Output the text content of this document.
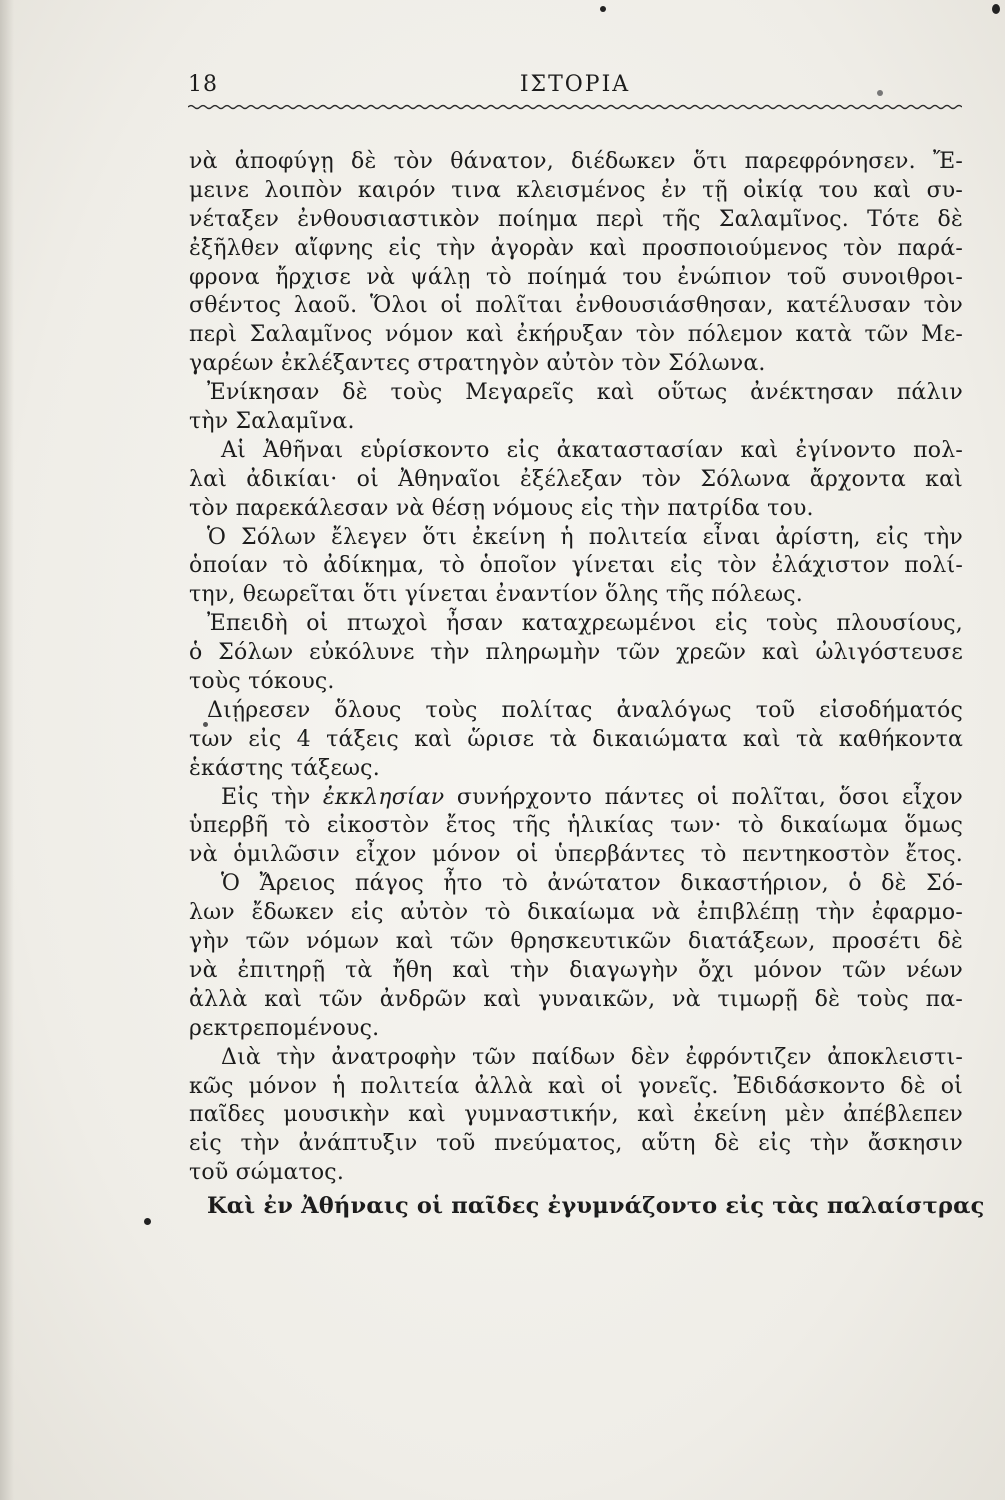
18	ΙΣΤΟΡΙΑ
νὰ ἀποφύγῃ δὲ τὸν θάνατον, διέδωκεν ὅτι παρεφρόνησεν. Ἔ-
μεινε λοιπὸν καιρόν τινα κλεισμένος ἐν τῇ οἰκίᾳ του καὶ συ-
νέταξεν ἐνθουσιαστικὸν ποίημα περὶ τῆς Σαλαμῖνος. Τότε δὲ
ἐξῆλθεν αἴφνης εἰς τὴν ἀγορὰν καὶ προσποιούμενος τὸν παρά-
φρονα ἤρχισε νὰ ψάλῃ τὸ ποίημά του ἐνώπιον τοῦ συνοιθροι-
σθέντος λαοῦ. Ὅλοι οἱ πολῖται ἐνθουσιάσθησαν, κατέλυσαν τὸν
περὶ Σαλαμῖνος νόμον καὶ ἐκήρυξαν τὸν πόλεμον κατὰ τῶν Με-
γαρέων ἐκλέξαντες στρατηγὸν αὐτὸν τὸν Σόλωνα.
Ἐνίκησαν δὲ τοὺς Μεγαρεῖς καὶ οὕτως ἀνέκτησαν πάλιν
τὴν Σαλαμῖνα.
Αἱ Ἀθῆναι εὑρίσκοντο εἰς ἀκαταστασίαν καὶ ἐγίνοντο πολ-
λαὶ ἀδικίαι· οἱ Ἀθηναῖοι ἐξέλεξαν τὸν Σόλωνα ἄρχοντα καὶ
τὸν παρεκάλεσαν νὰ θέσῃ νόμους εἰς τὴν πατρίδα του.
Ὁ Σόλων ἔλεγεν ὅτι ἐκείνη ἡ πολιτεία εἶναι ἀρίστη, εἰς τὴν
ὁποίαν τὸ ἀδίκημα, τὸ ὁποῖον γίνεται εἰς τὸν ἐλάχιστον πολί-
την, θεωρεῖται ὅτι γίνεται ἐναντίον ὅλης τῆς πόλεως.
Ἐπειδὴ οἱ πτωχοὶ ἦσαν καταχρεωμένοι εἰς τοὺς πλουσίους,
ὁ Σόλων εὐκόλυνε τὴν πληρωμὴν τῶν χρεῶν καὶ ὠλιγόστευσε
τοὺς τόκους.
Διῄρεσεν ὅλους τοὺς πολίτας ἀναλόγως τοῦ εἰσοδήματός
των εἰς 4 τάξεις καὶ ὥρισε τὰ δικαιώματα καὶ τὰ καθήκοντα
ἑκάστης τάξεως.
Εἰς τὴν ἐκκλησίαν συνήρχοντο πάντες οἱ πολῖται, ὅσοι εἶχον
ὑπερβῆ τὸ εἰκοστὸν ἔτος τῆς ἡλικίας των· τὸ δικαίωμα ὅμως
νὰ ὁμιλῶσιν εἶχον μόνον οἱ ὑπερβάντες τὸ πεντηκοστὸν ἔτος.
Ὁ Ἄρειος πάγος ἦτο τὸ ἀνώτατον δικαστήριον, ὁ δὲ Σό-
λων ἔδωκεν εἰς αὐτὸν τὸ δικαίωμα νὰ ἐπιβλέπῃ τὴν ἐφαρμο-
γὴν τῶν νόμων καὶ τῶν θρησκευτικῶν διατάξεων, προσέτι δὲ
νὰ ἐπιτηρῇ τὰ ἤθη καὶ τὴν διαγωγὴν ὄχι μόνον τῶν νέων
ἀλλὰ καὶ τῶν ἀνδρῶν καὶ γυναικῶν, νὰ τιμωρῇ δὲ τοὺς πα-
ρεκτρεπομένους.
Διὰ τὴν ἀνατροφὴν τῶν παίδων δὲν ἐφρόντιζεν ἀποκλειστι-
κῶς μόνον ἡ πολιτεία ἀλλὰ καὶ οἱ γονεῖς. Ἐδιδάσκοντο δὲ οἱ
παῖδες μουσικὴν καὶ γυμναστικήν, καὶ ἐκείνη μὲν ἀπέβλεπεν
εἰς τὴν ἀνάπτυξιν τοῦ πνεύματος, αὕτη δὲ εἰς τὴν ἄσκησιν
τοῦ σώματος.
Καὶ ἐν Ἀθήναις οἱ παῖδες ἐγυμνάζοντο εἰς τὰς παλαίστρας
